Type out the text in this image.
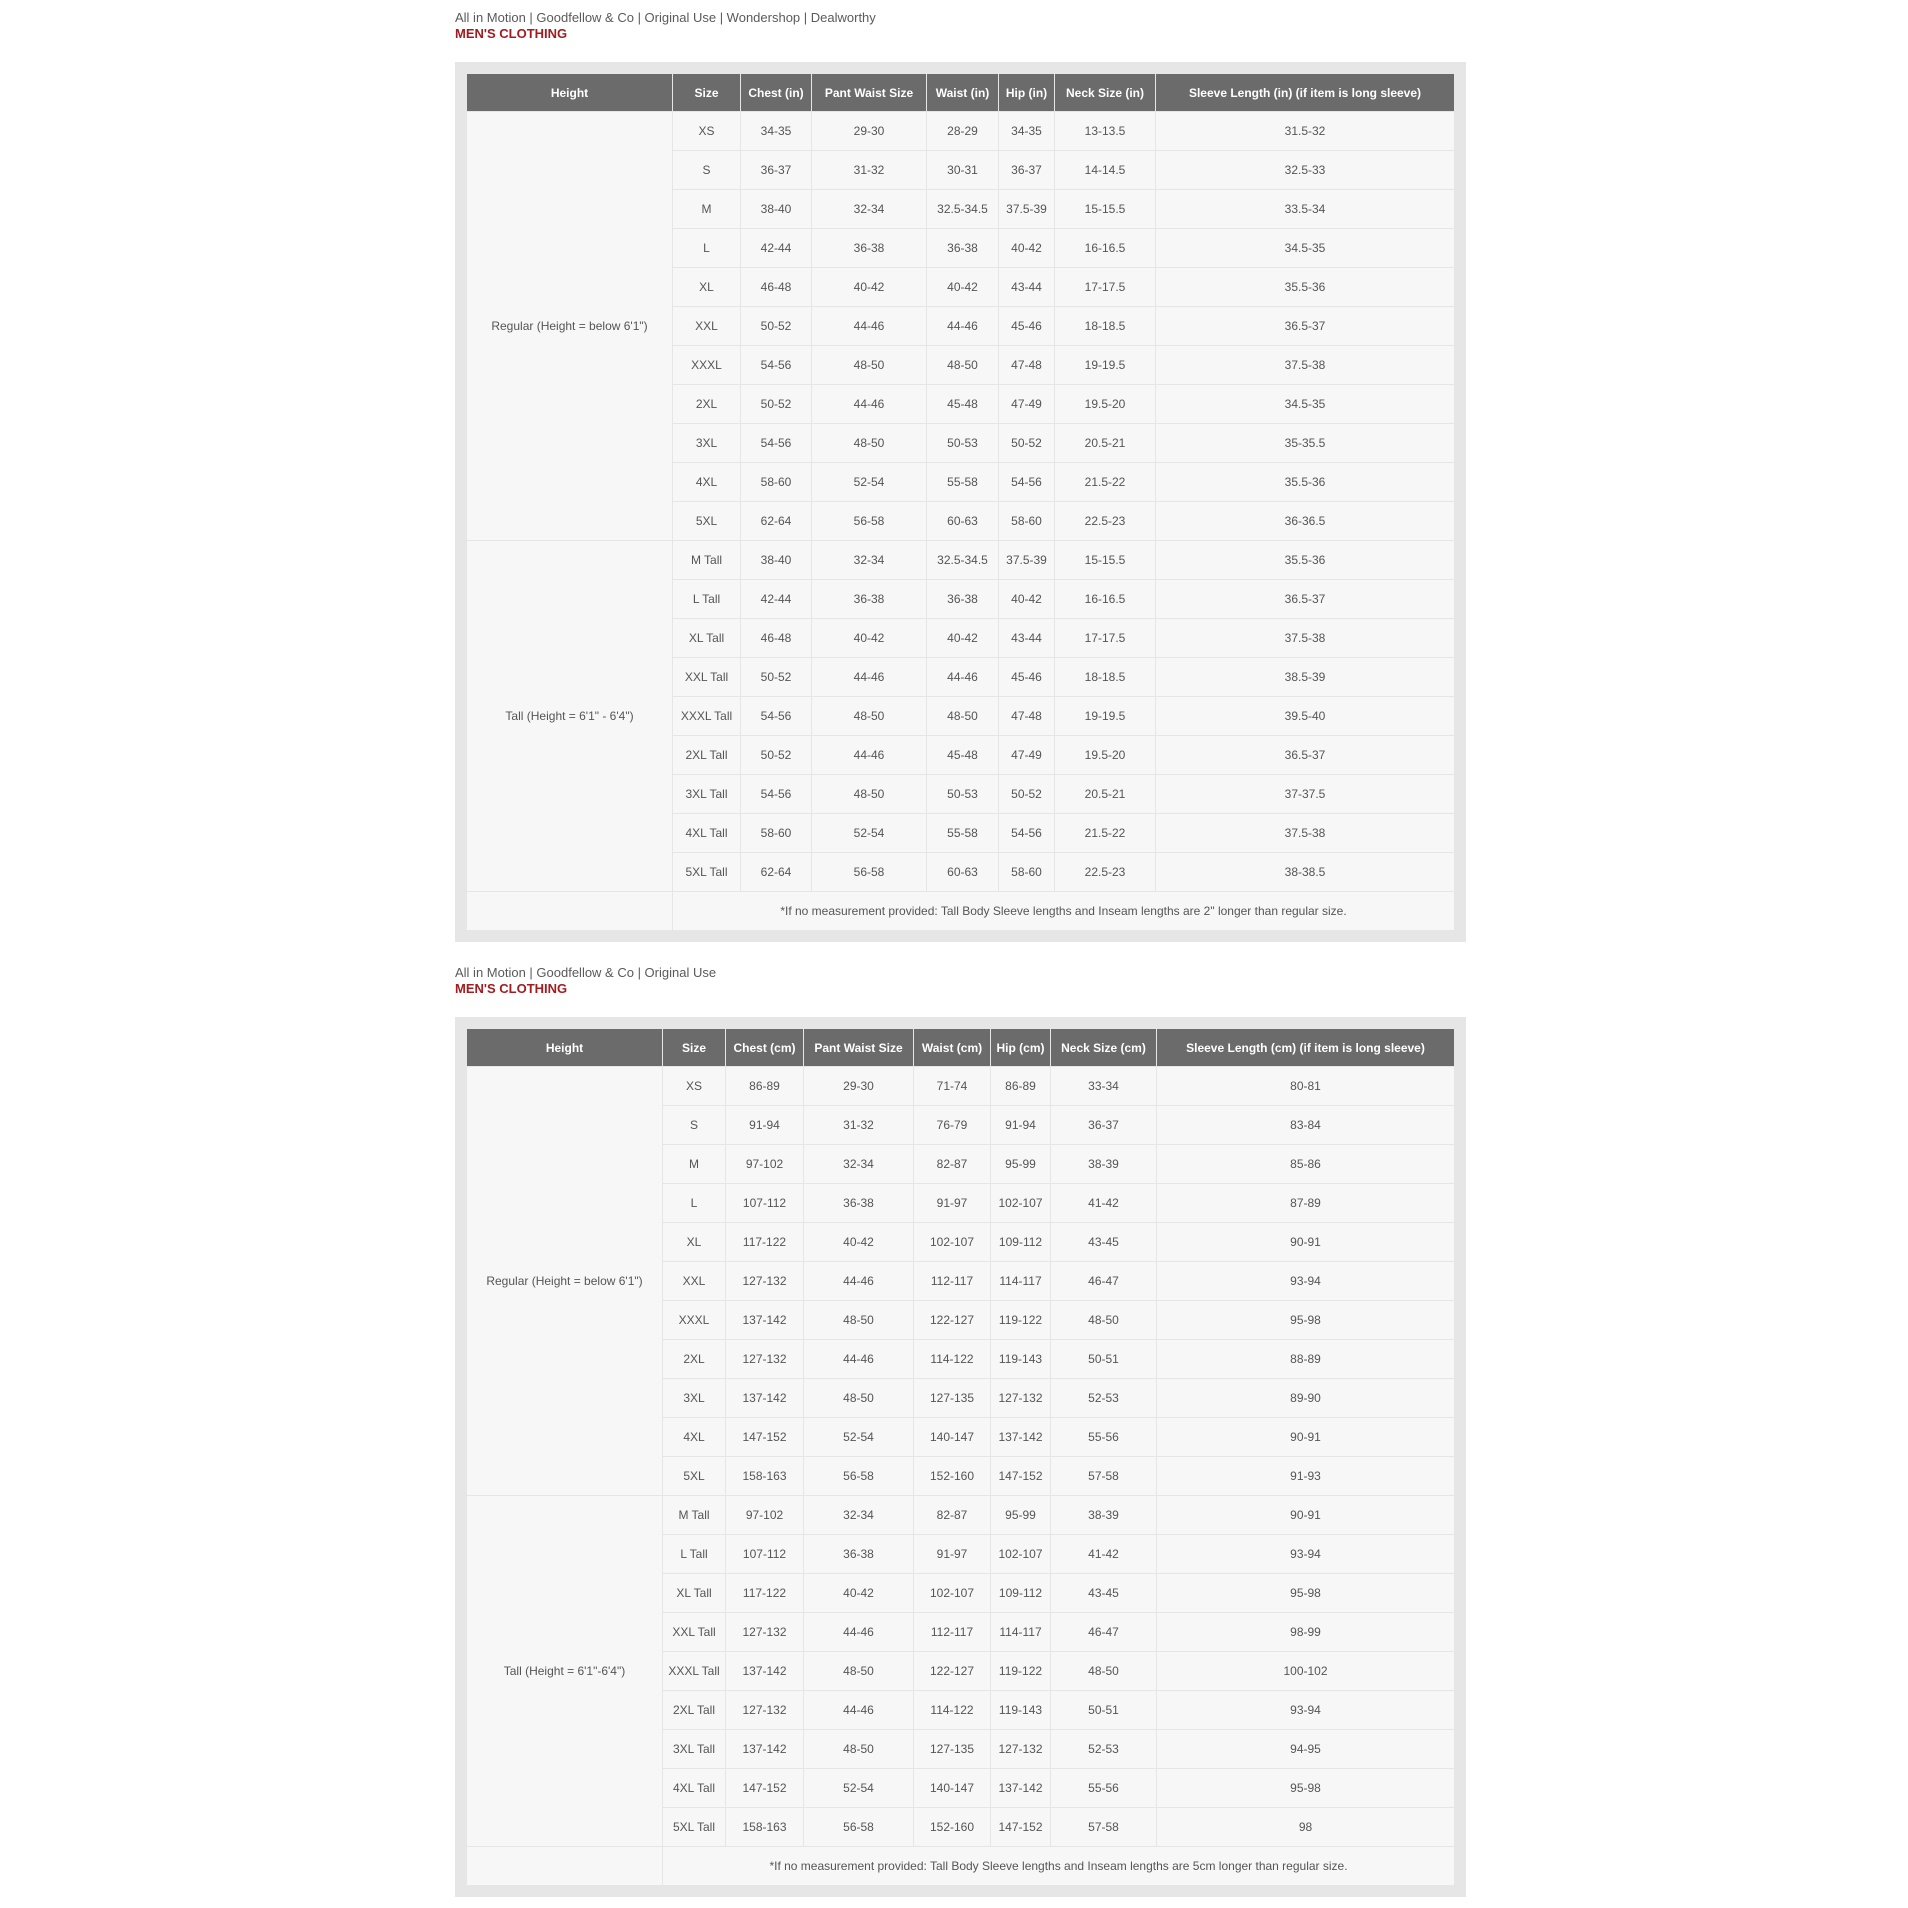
All in Motion | Goodfellow & Co | Original Use | Wondershop | Dealworthy
MEN'S CLOTHING
Height	Size	Chest (in)	Pant Waist Size	Waist (in)	Hip (in)	Neck Size (in)	Sleeve Length (in) (if item is long sleeve)
Regular (Height = below 6'1")	XS	34-35	29-30	28-29	34-35	13-13.5	31.5-32
	S	36-37	31-32	30-31	36-37	14-14.5	32.5-33
	M	38-40	32-34	32.5-34.5	37.5-39	15-15.5	33.5-34
	L	42-44	36-38	36-38	40-42	16-16.5	34.5-35
	XL	46-48	40-42	40-42	43-44	17-17.5	35.5-36
	XXL	50-52	44-46	44-46	45-46	18-18.5	36.5-37
	XXXL	54-56	48-50	48-50	47-48	19-19.5	37.5-38
	2XL	50-52	44-46	45-48	47-49	19.5-20	34.5-35
	3XL	54-56	48-50	50-53	50-52	20.5-21	35-35.5
	4XL	58-60	52-54	55-58	54-56	21.5-22	35.5-36
	5XL	62-64	56-58	60-63	58-60	22.5-23	36-36.5
Tall (Height = 6'1" - 6'4")	M Tall	38-40	32-34	32.5-34.5	37.5-39	15-15.5	35.5-36
	L Tall	42-44	36-38	36-38	40-42	16-16.5	36.5-37
	XL Tall	46-48	40-42	40-42	43-44	17-17.5	37.5-38
	XXL Tall	50-52	44-46	44-46	45-46	18-18.5	38.5-39
	XXXL Tall	54-56	48-50	48-50	47-48	19-19.5	39.5-40
	2XL Tall	50-52	44-46	45-48	47-49	19.5-20	36.5-37
	3XL Tall	54-56	48-50	50-53	50-52	20.5-21	37-37.5
	4XL Tall	58-60	52-54	55-58	54-56	21.5-22	37.5-38
	5XL Tall	62-64	56-58	60-63	58-60	22.5-23	38-38.5
	*If no measurement provided: Tall Body Sleeve lengths and Inseam lengths are 2" longer than regular size.						
All in Motion | Goodfellow & Co | Original Use
MEN'S CLOTHING
Height	Size	Chest (cm)	Pant Waist Size	Waist (cm)	Hip (cm)	Neck Size (cm)	Sleeve Length (cm) (if item is long sleeve)
Regular (Height = below 6'1")	XS	86-89	29-30	71-74	86-89	33-34	80-81
	S	91-94	31-32	76-79	91-94	36-37	83-84
	M	97-102	32-34	82-87	95-99	38-39	85-86
	L	107-112	36-38	91-97	102-107	41-42	87-89
	XL	117-122	40-42	102-107	109-112	43-45	90-91
	XXL	127-132	44-46	112-117	114-117	46-47	93-94
	XXXL	137-142	48-50	122-127	119-122	48-50	95-98
	2XL	127-132	44-46	114-122	119-143	50-51	88-89
	3XL	137-142	48-50	127-135	127-132	52-53	89-90
	4XL	147-152	52-54	140-147	137-142	55-56	90-91
	5XL	158-163	56-58	152-160	147-152	57-58	91-93
Tall (Height = 6'1"-6'4")	M Tall	97-102	32-34	82-87	95-99	38-39	90-91
	L Tall	107-112	36-38	91-97	102-107	41-42	93-94
	XL Tall	117-122	40-42	102-107	109-112	43-45	95-98
	XXL Tall	127-132	44-46	112-117	114-117	46-47	98-99
	XXXL Tall	137-142	48-50	122-127	119-122	48-50	100-102
	2XL Tall	127-132	44-46	114-122	119-143	50-51	93-94
	3XL Tall	137-142	48-50	127-135	127-132	52-53	94-95
	4XL Tall	147-152	52-54	140-147	137-142	55-56	95-98
	5XL Tall	158-163	56-58	152-160	147-152	57-58	98
	*If no measurement provided: Tall Body Sleeve lengths and Inseam lengths are 5cm longer than regular size.						
